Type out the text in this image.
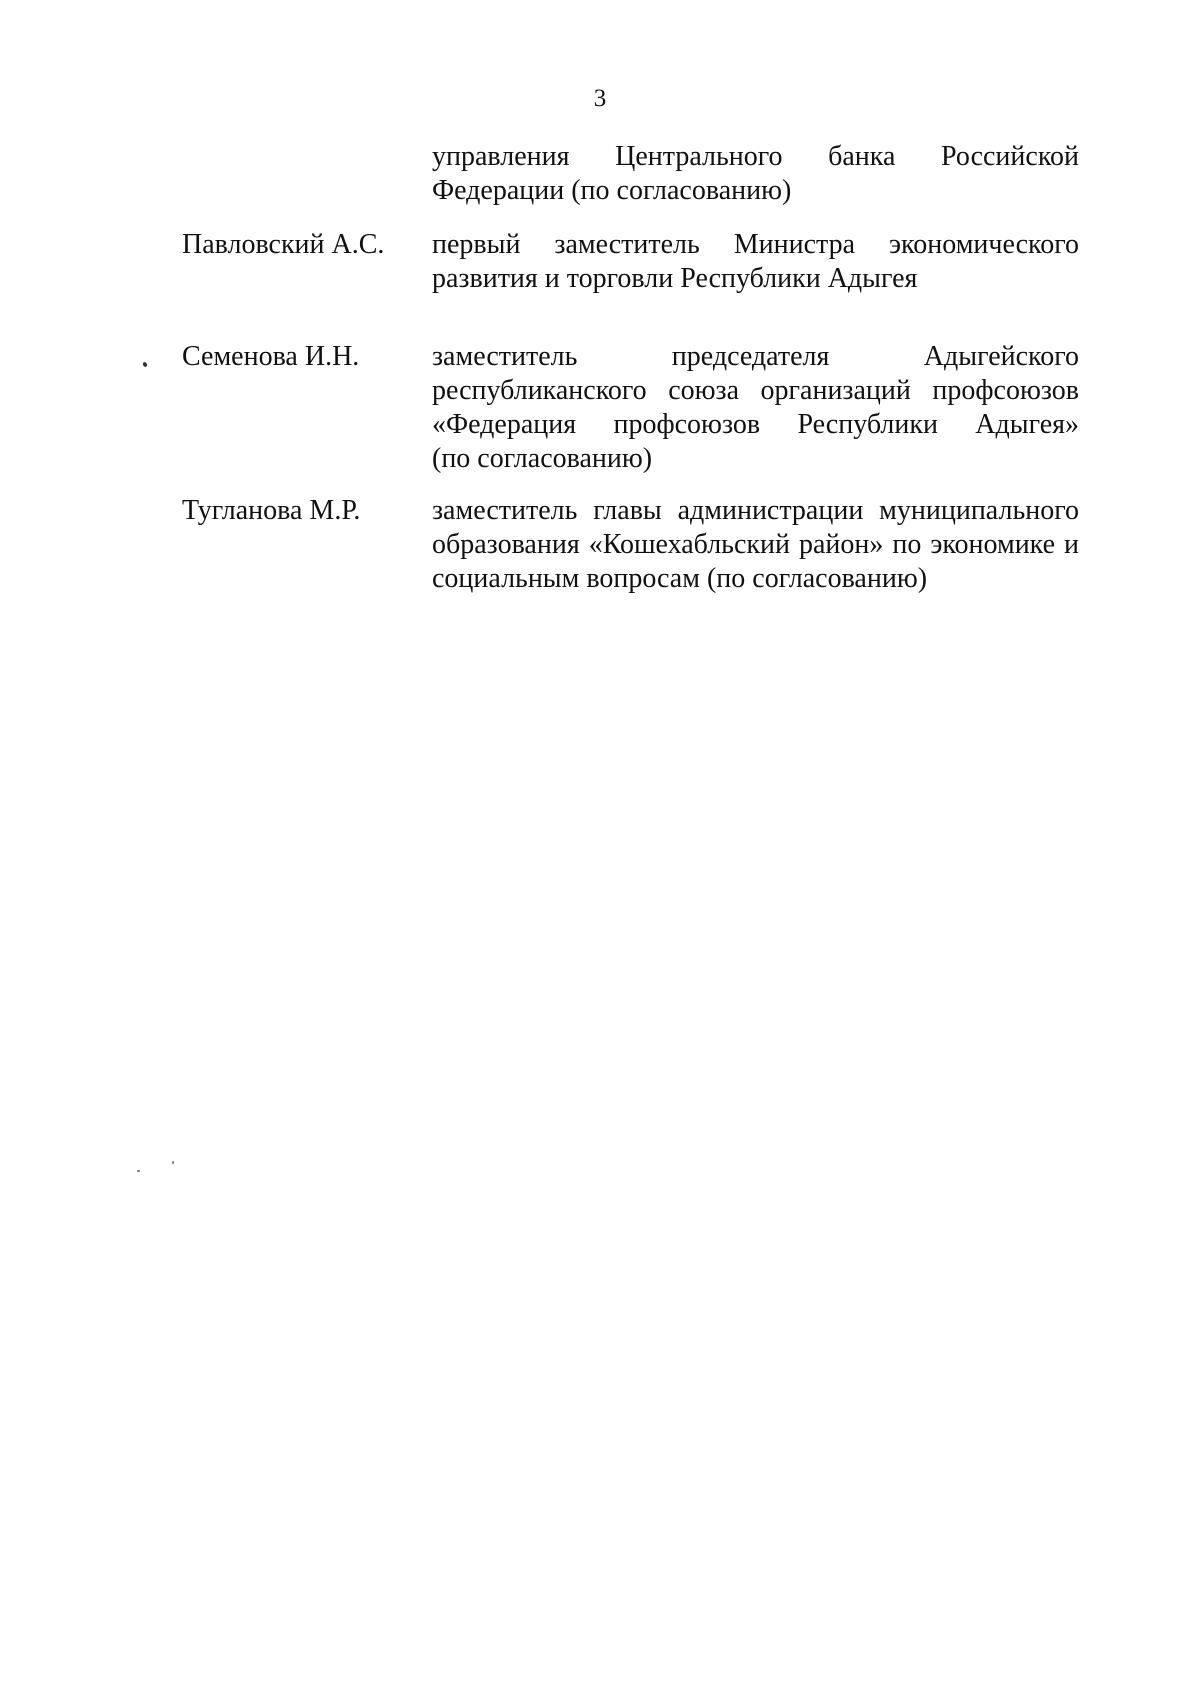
3
управления Центрального банка Российской
Федерации (по согласованию)
Павловский А.С. первый заместитель Министра экономического
развития и торговли Республики Адыгея
Семенова И.Н.	заместитель председателя Адыгейского
республиканского союза организаций профсоюзов
«Федерация профсоюзов Республики Адыгея»
(по согласованию)
Тугланова М.Р.	заместитель главы администрации муниципального
образования «Кошехабльский район» по экономике и
социальным вопросам (по согласованию)
